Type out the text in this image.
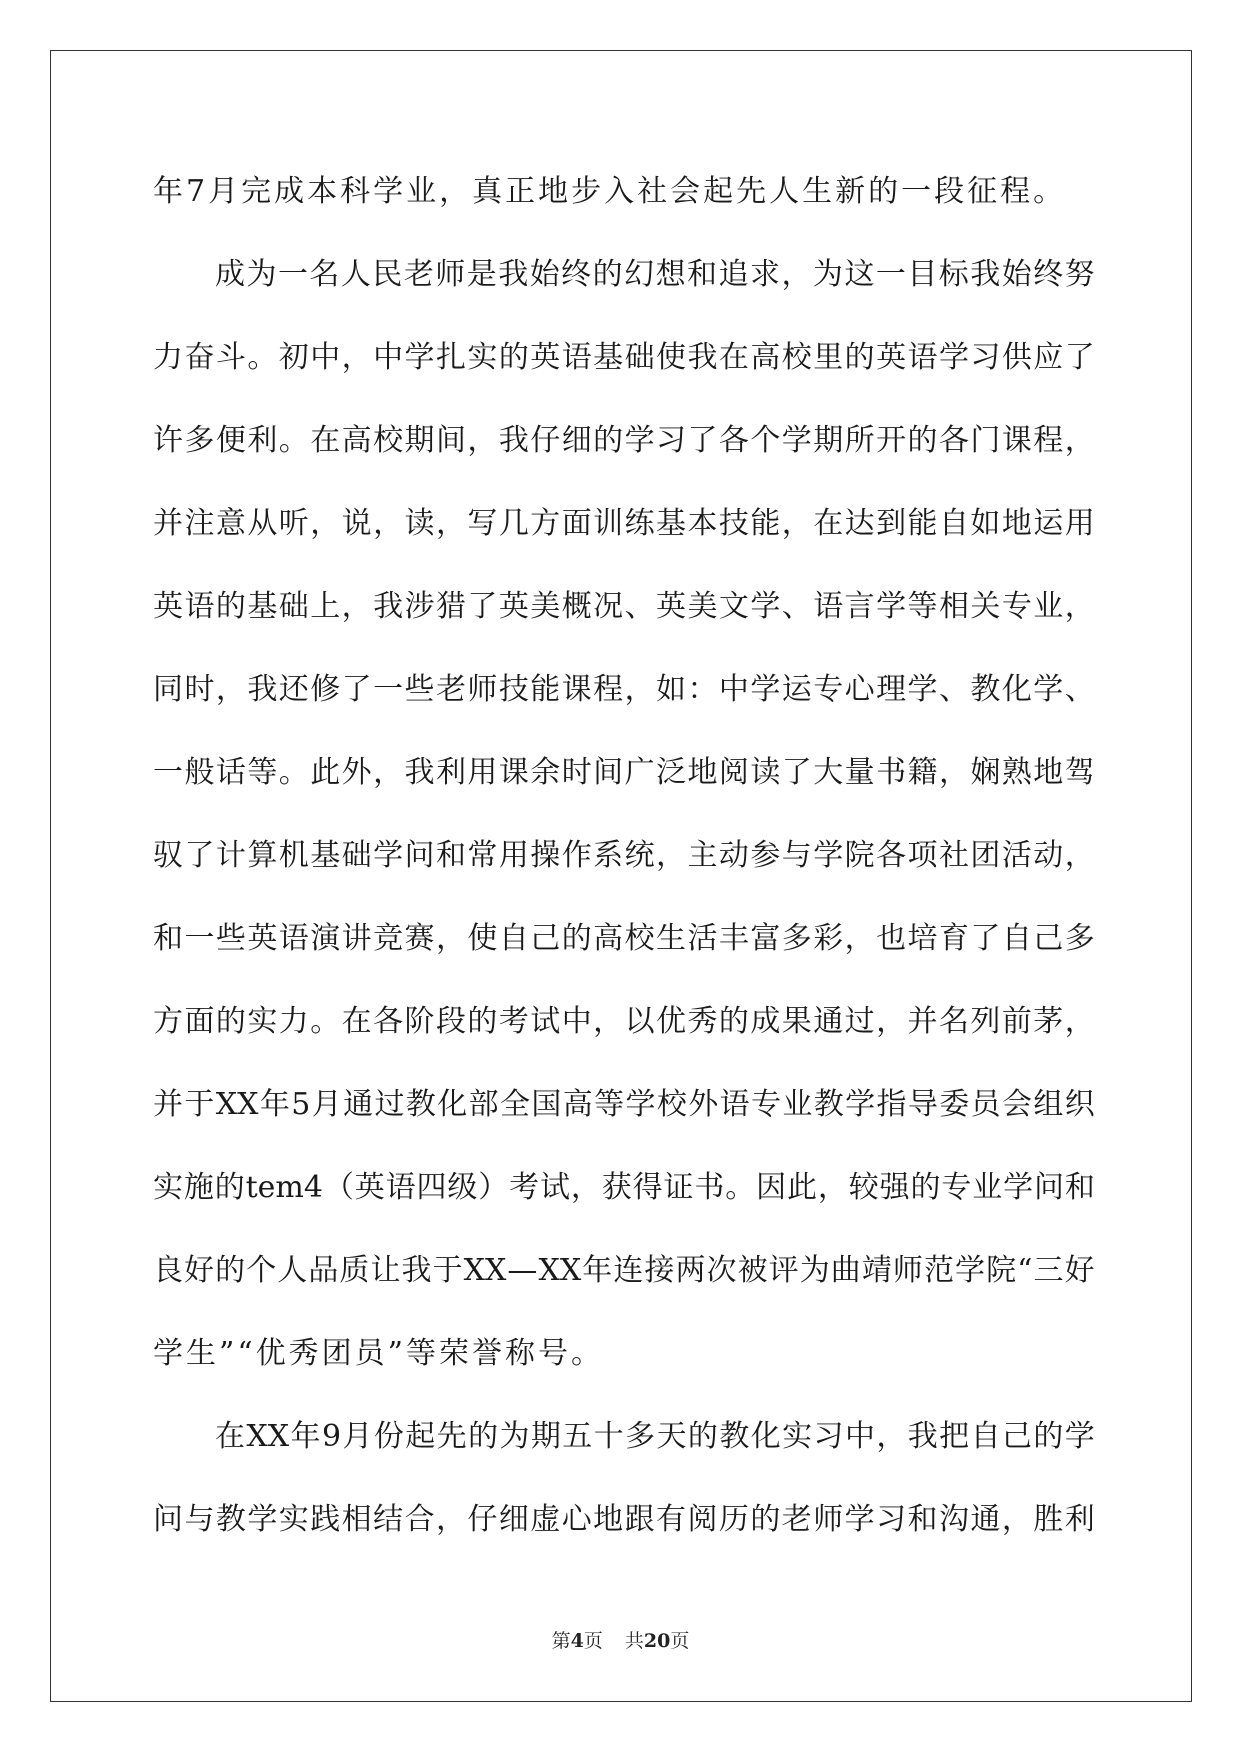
年7月完成本科学业，真正地步入社会起先人生新的一段征程。
成 为 一 名 人 民 老 师 是 我 始 终 的 幻 想 和 追 求 ， 为 这 一 目 标 我 始 终 努
力 奋 斗 。 初 中 ， 中 学 扎 实 的 英 语 基 础 使 我 在 高 校 里 的 英 语 学 习 供 应 了
许 多 便 利 。 在 高 校 期 间 ， 我 仔 细 的 学 习 了 各 个 学 期 所 开 的 各 门 课 程 ，
并 注 意 从 听 ， 说 ， 读 ， 写 几 方 面 训 练 基 本 技 能 ， 在 达 到 能 自 如 地 运 用
英 语 的 基 础 上 ， 我 涉 猎 了 英 美 概 况 、 英 美 文 学 、 语 言 学 等 相 关 专 业 ，
同 时 ， 我 还 修 了 一 些 老 师 技 能 课 程 ， 如 ： 中 学 运 专 心 理 学 、 教 化 学 、
一 般 话 等 。 此 外 ， 我 利 用 课 余 时 间 广 泛 地 阅 读 了 大 量 书 籍 ， 娴 熟 地 驾
驭 了 计 算 机 基 础 学 问 和 常 用 操 作 系 统 ， 主 动 参 与 学 院 各 项 社 团 活 动 ，
和 一 些 英 语 演 讲 竞 赛 ， 使 自 己 的 高 校 生 活 丰 富 多 彩 ， 也 培 育 了 自 己 多
方 面 的 实 力 。 在 各 阶 段 的 考 试 中 ， 以 优 秀 的 成 果 通 过 ， 并 名 列 前 茅 ，
并 于 XX 年 5 月 通 过 教 化 部 全 国 高 等 学 校 外 语 专 业 教 学 指 导 委 员 会 组 织
实 施 的 tem4 （ 英 语 四 级 ） 考 试 ， 获 得 证 书 。 因 此 ， 较 强 的 专 业 学 问 和
良 好 的 个 人 品 质 让 我 于 XX — XX 年 连 接 两 次 被 评 为 曲 靖 师 范 学 院 “ 三 好
学生”“优秀团员”等荣誉称号。
在 XX 年 9 月 份 起 先 的 为 期 五 十 多 天 的 教 化 实 习 中 ， 我 把 自 己 的 学
问 与 教 学 实 践 相 结 合 ， 仔 细 虚 心 地 跟 有 阅 历 的 老 师 学 习 和 沟 通 ， 胜 利
第4页 共20页
